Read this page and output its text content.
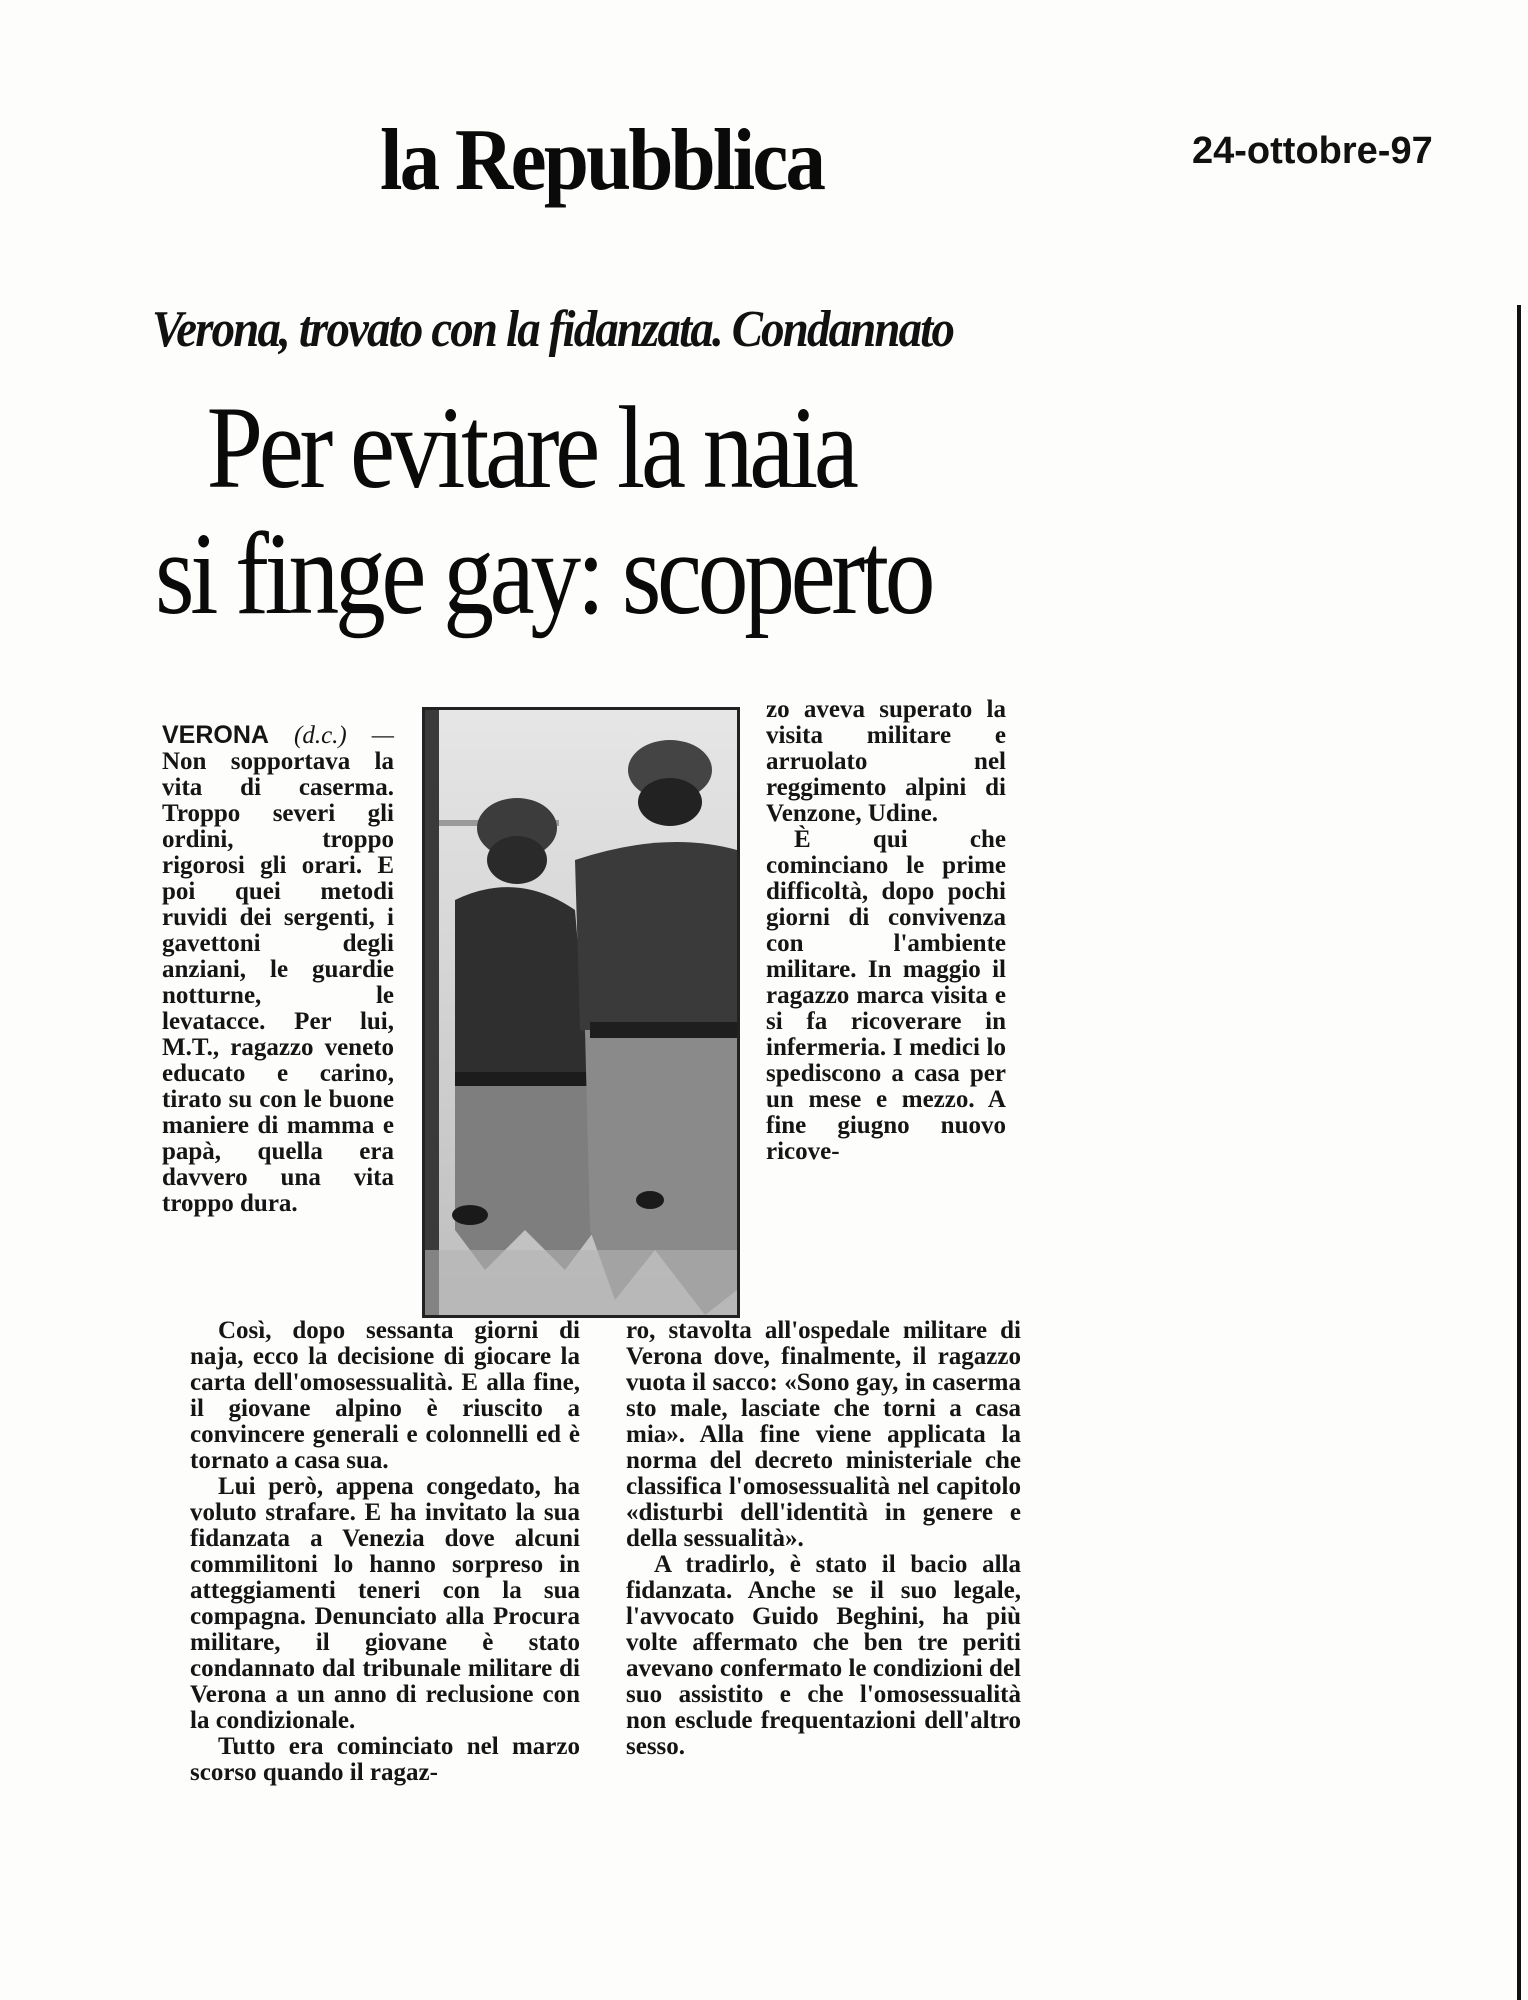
la Repubblica	24-ottobre-97
Verona, trovato con la fidanzata. Condannato
Per evitare la naia
si finge gay: scoperto

VERONA (d.c.) — Non sopportava la vita di caserma. Troppo severi gli ordini, troppo rigorosi gli orari. E poi quei metodi ruvidi dei sergenti, i gavettoni degli anziani, le guardie notturne, le levatacce. Per lui, M.T., ragazzo veneto educato e carino, tirato su con le buone maniere di mamma e papà, quella era davvero una vita troppo dura.

zo aveva superato la visita militare e arruolato nel reggimento alpini di Venzone, Udine.

È qui che cominciano le prime difficoltà, dopo pochi giorni di convivenza con l'ambiente militare. In maggio il ragazzo marca visita e si fa ricoverare in infermeria. I medici lo spediscono a casa per un mese e mezzo. A fine giugno nuovo ricove-

Così, dopo sessanta giorni di naja, ecco la decisione di giocare la carta dell'omosessualità. E alla fine, il giovane alpino è riuscito a convincere generali e colonnelli ed è tornato a casa sua.

Lui però, appena congedato, ha voluto strafare. E ha invitato la sua fidanzata a Venezia dove alcuni commilitoni lo hanno sorpreso in atteggiamenti teneri con la sua compagna. Denunciato alla Procura militare, il giovane è stato condannato dal tribunale militare di Verona a un anno di reclusione con la condizionale.

Tutto era cominciato nel marzo scorso quando il ragaz-

ro, stavolta all'ospedale militare di Verona dove, finalmente, il ragazzo vuota il sacco: «Sono gay, in caserma sto male, lasciate che torni a casa mia». Alla fine viene applicata la norma del decreto ministeriale che classifica l'omosessualità nel capitolo «disturbi dell'identità in genere e della sessualità».

A tradirlo, è stato il bacio alla fidanzata. Anche se il suo legale, l'avvocato Guido Beghini, ha più volte affermato che ben tre periti avevano confermato le condizioni del suo assistito e che l'omosessualità non esclude frequentazioni dell'altro sesso.
